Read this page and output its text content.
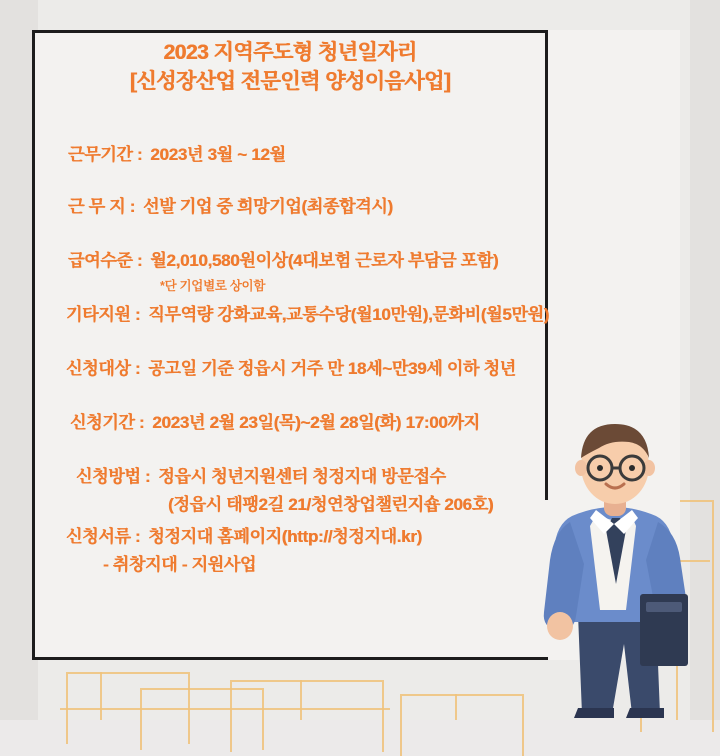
2023 지역주도형 청년일자리
[신성장산업 전문인력 양성이음사업]
근무기간 : 2023년 3월 ~ 12월
근 무 지 : 선발 기업 중 희망기업(최종합격시)
급여수준 : 월2,010,580원이상(4대보험 근로자 부담금 포함)
*단 기업별로 상이함
기타지원 : 직무역량 강화교육,교통수당(월10만원),문화비(월5만원)
신청대상 : 공고일 기준 정읍시 거주 만 18세~만39세 이하 청년
신청기간 : 2023년 2월 23일(목)~2월 28일(화) 17:00까지
신청방법 : 정읍시 청년지원센터 청정지대 방문접수
(정읍시 태팽2길 21/청연창업챌린지숍 206호)
신청서류 : 청정지대 홈페이지(http://청정지대.kr)
- 취창지대 - 지원사업
